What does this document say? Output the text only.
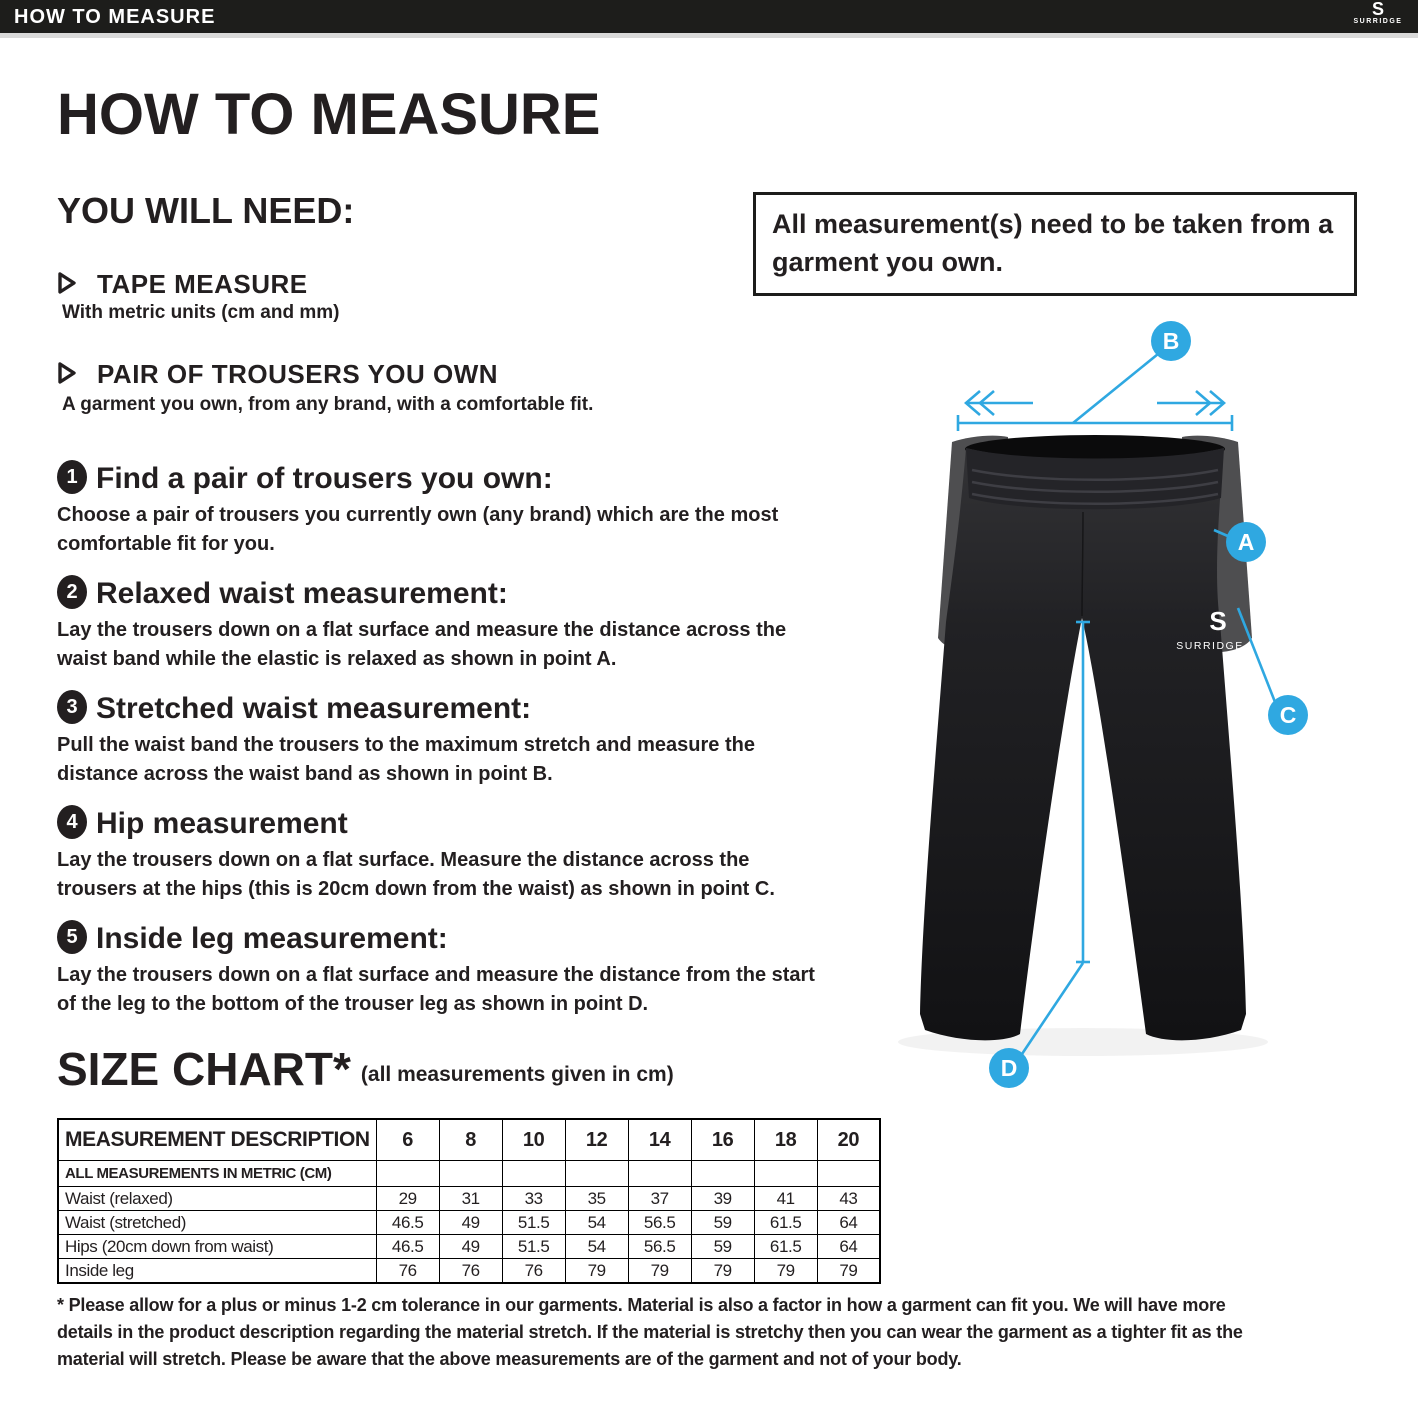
HOW TO MEASURE	S
SURRIDGE
HOW TO MEASURE
YOU WILL NEED:
TAPE MEASURE
With metric units (cm and mm)
PAIR OF TROUSERS YOU OWN
A garment you own, from any brand, with a comfortable fit.
All measurement(s) need to be taken from a garment you own.
1 Find a pair of trousers you own:
Choose a pair of trousers you currently own (any brand) which are the most comfortable fit for you.
2 Relaxed waist measurement:
Lay the trousers down on a flat surface and measure the distance across the waist band while the elastic is relaxed as shown in point A.
3 Stretched waist measurement:
Pull the waist band the trousers to the maximum stretch and measure the distance across the waist band as shown in point B.
4 Hip measurement
Lay the trousers down on a flat surface. Measure the distance across the trousers at the hips (this is 20cm down from the waist) as shown in point C.
5 Inside leg measurement:
Lay the trousers down on a flat surface and measure the distance from the start of the leg to the bottom of the trouser leg as shown in point D.
SIZE CHART* (all measurements given in cm)
MEASUREMENT DESCRIPTION	6	8	10	12	14	16	18	20
ALL MEASUREMENTS IN METRIC (CM)								
Waist (relaxed)	29	31	33	35	37	39	41	43
Waist (stretched)	46.5	49	51.5	54	56.5	59	61.5	64
Hips (20cm down from waist)	46.5	49	51.5	54	56.5	59	61.5	64
Inside leg	76	76	76	79	79	79	79	79
* Please allow for a plus or minus 1-2 cm tolerance in our garments. Material is also a factor in how a garment can fit you. We will have more details in the product description regarding the material stretch. If the material is stretchy then you can wear the garment as a tighter fit as the material will stretch. Please be aware that the above measurements are of the garment and not of your body.
S
SURRIDGE
B
A
C
D
